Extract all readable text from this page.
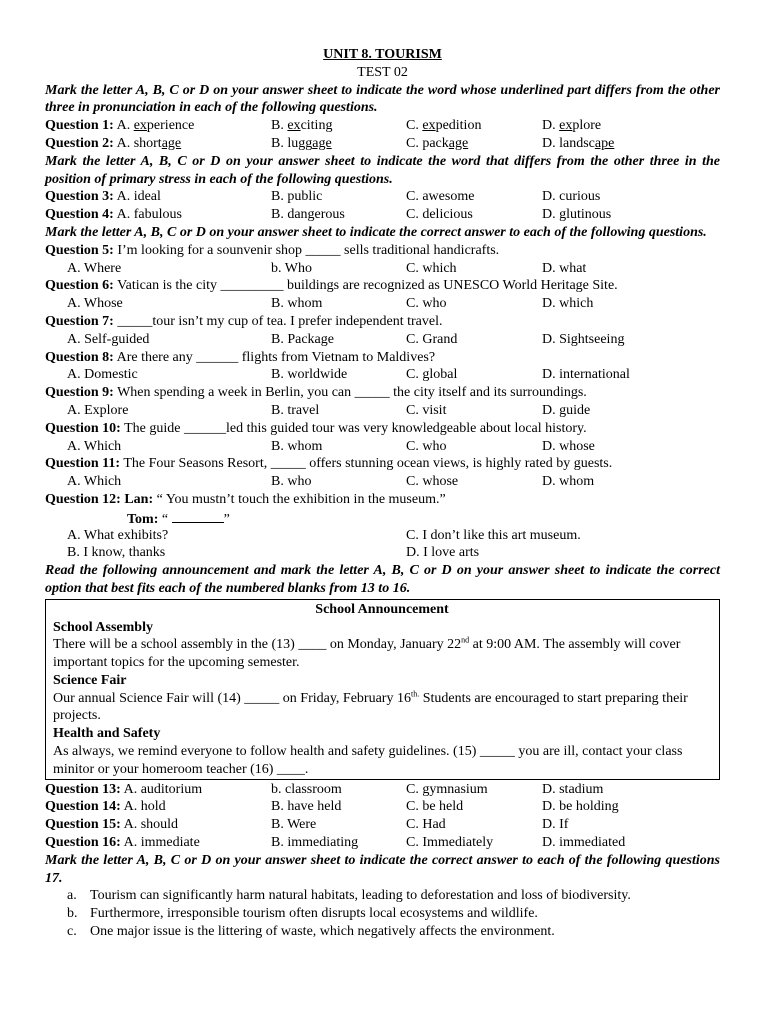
UNIT 8. TOURISM
TEST 02
Mark the letter A, B, C or D on your answer sheet to indicate the word whose underlined part differs from the other three in pronunciation in each of the following questions.
Question 1: A. experience	B. exciting	C. expedition	D. explore
Question 2: A. shortage	B. luggage	C. package	D. landscape
Mark the letter A, B, C or D on your answer sheet to indicate the word that differs from the other three in the position of primary stress in each of the following questions.
Question 3: A. ideal	B. public	C. awesome	D. curious
Question 4: A. fabulous	B. dangerous	C. delicious	D. glutinous
Mark the letter A, B, C or D on your answer sheet to indicate the correct answer to each of the following questions.
Question 5: I’m looking for a sounvenir shop _____ sells traditional handicrafts.
A. Where	b. Who	C. which	D. what
Question 6: Vatican is the city _________ buildings are recognized as UNESCO World Heritage Site.
A. Whose	B. whom	C. who	D. which
Question 7: _____tour isn’t my cup of tea. I prefer independent travel.
A. Self-guided	B. Package	C. Grand	D. Sightseeing
Question 8: Are there any ______ flights from Vietnam to Maldives?
A. Domestic	B. worldwide	C. global	D. international
Question 9: When spending a week in Berlin, you can _____ the city itself and its surroundings.
A. Explore	B. travel	C. visit	D. guide
Question 10: The guide ______led this guided tour was very knowledgeable about local history.
A. Which	B. whom	C. who	D. whose
Question 11: The Four Seasons Resort, _____ offers stunning ocean views, is highly rated by guests.
A. Which	B. who	C. whose	D. whom
Question 12: Lan: “ You mustn’t touch the exhibition in the museum.”
Tom: “	”
A. What exhibits?	C. I don’t like this art museum.
B. I know, thanks	D. I love arts
Read the following announcement and mark the letter A, B, C or D on your answer sheet to indicate the correct option that best fits each of the numbered blanks from 13 to 16.

School Announcement

School Assembly

There will be a school assembly in the (13) ____ on Monday, January 22nd at 9:00 AM. The assembly will cover important topics for the upcoming semester.

Science Fair

Our annual Science Fair will (14) _____ on Friday, February $16^{th.}$ Students are encouraged to start preparing their projects.

Health and Safety

As always, we remind everyone to follow health and safety guidelines. (15) _____ you are ill, contact your class minitor or your homeroom teacher (16) ____.

Question 13: A. auditorium	b. classroom	C. gymnasium	D. stadium
Question 14: A. hold	B. have held	C. be held	D. be holding
Question 15: A. should	B. Were	C. Had	D. If
Question 16: A. immediate	B. immediating	C. Immediately	D. immediated
Mark the letter A, B, C or D on your answer sheet to indicate the correct answer to each of the following questions 17.
a. Tourism can significantly harm natural habitats, leading to deforestation and loss of biodiversity.
b. Furthermore, irresponsible tourism often disrupts local ecosystems and wildlife.
c. One major issue is the littering of waste, which negatively affects the environment.
